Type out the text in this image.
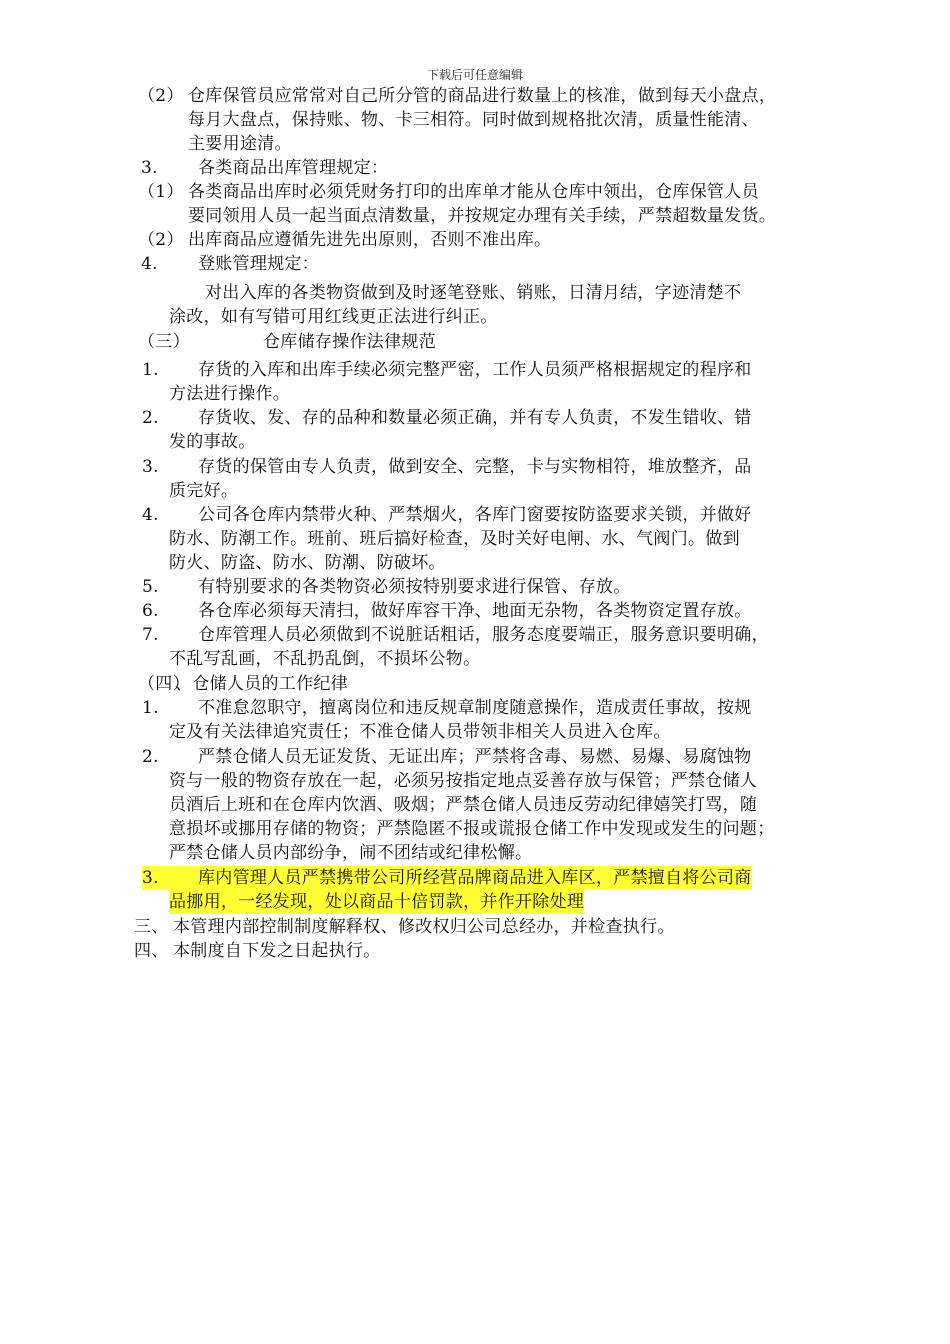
下载后可任意编辑
（2） 仓库保管员应常常对自己所分管的商品进行数量上的核准，做到每天小盘点，
每月大盘点，保持账、物、卡三相符。同时做到规格批次清，质量性能清、
主要用途清。
3. 各类商品出库管理规定：
（1） 各类商品出库时必须凭财务打印的出库单才能从仓库中领出，仓库保管人员
要同领用人员一起当面点清数量，并按规定办理有关手续，严禁超数量发货。
（2） 出库商品应遵循先进先出原则，否则不准出库。
4. 登账管理规定：
对出入库的各类物资做到及时逐笔登账、销账，日清月结，字迹清楚不
涂改，如有写错可用红线更正法进行纠正。
（三）	仓库储存操作法律规范
1. 存货的入库和出库手续必须完整严密，工作人员须严格根据规定的程序和
方法进行操作。
2. 存货收、发、存的品种和数量必须正确，并有专人负责，不发生错收、错
发的事故。
3. 存货的保管由专人负责，做到安全、完整，卡与实物相符，堆放整齐，品
质完好。
4. 公司各仓库内禁带火种、严禁烟火，各库门窗要按防盗要求关锁，并做好
防水、防潮工作。班前、班后搞好检查，及时关好电闸、水、气阀门。做到
防火、防盗、防水、防潮、防破坏。
5. 有特别要求的各类物资必须按特别要求进行保管、存放。
6. 各仓库必须每天清扫，做好库容干净、地面无杂物，各类物资定置存放。
7. 仓库管理人员必须做到不说脏话粗话，服务态度要端正，服务意识要明确，
不乱写乱画，不乱扔乱倒，不损坏公物。
（四）
、仓储人员的工作纪律
1. 不准怠忽职守，擅离岗位和违反规章制度随意操作，造成责任事故，按规
定及有关法律追究责任；不准仓储人员带领非相关人员进入仓库。
2. 严禁仓储人员无证发货、无证出库；严禁将含毒、易燃、易爆、易腐蚀物
资与一般的物资存放在一起，必须另按指定地点妥善存放与保管；严禁仓储人
员酒后上班和在仓库内饮酒、吸烟；严禁仓储人员违反劳动纪律嬉笑打骂，随
意损坏或挪用存储的物资；严禁隐匿不报或谎报仓储工作中发现或发生的问题；
严禁仓储人员内部纷争，闹不团结或纪律松懈。
3.	库内管理人员严禁携带公司所经营品牌商品进入库区，严禁擅自将公司商
品挪用，一经发现，处以商品十倍罚款，并作开除处理
三、 本管理内部控制制度解释权、修改权归公司总经办，并检查执行。
四、 本制度自下发之日起执行。
